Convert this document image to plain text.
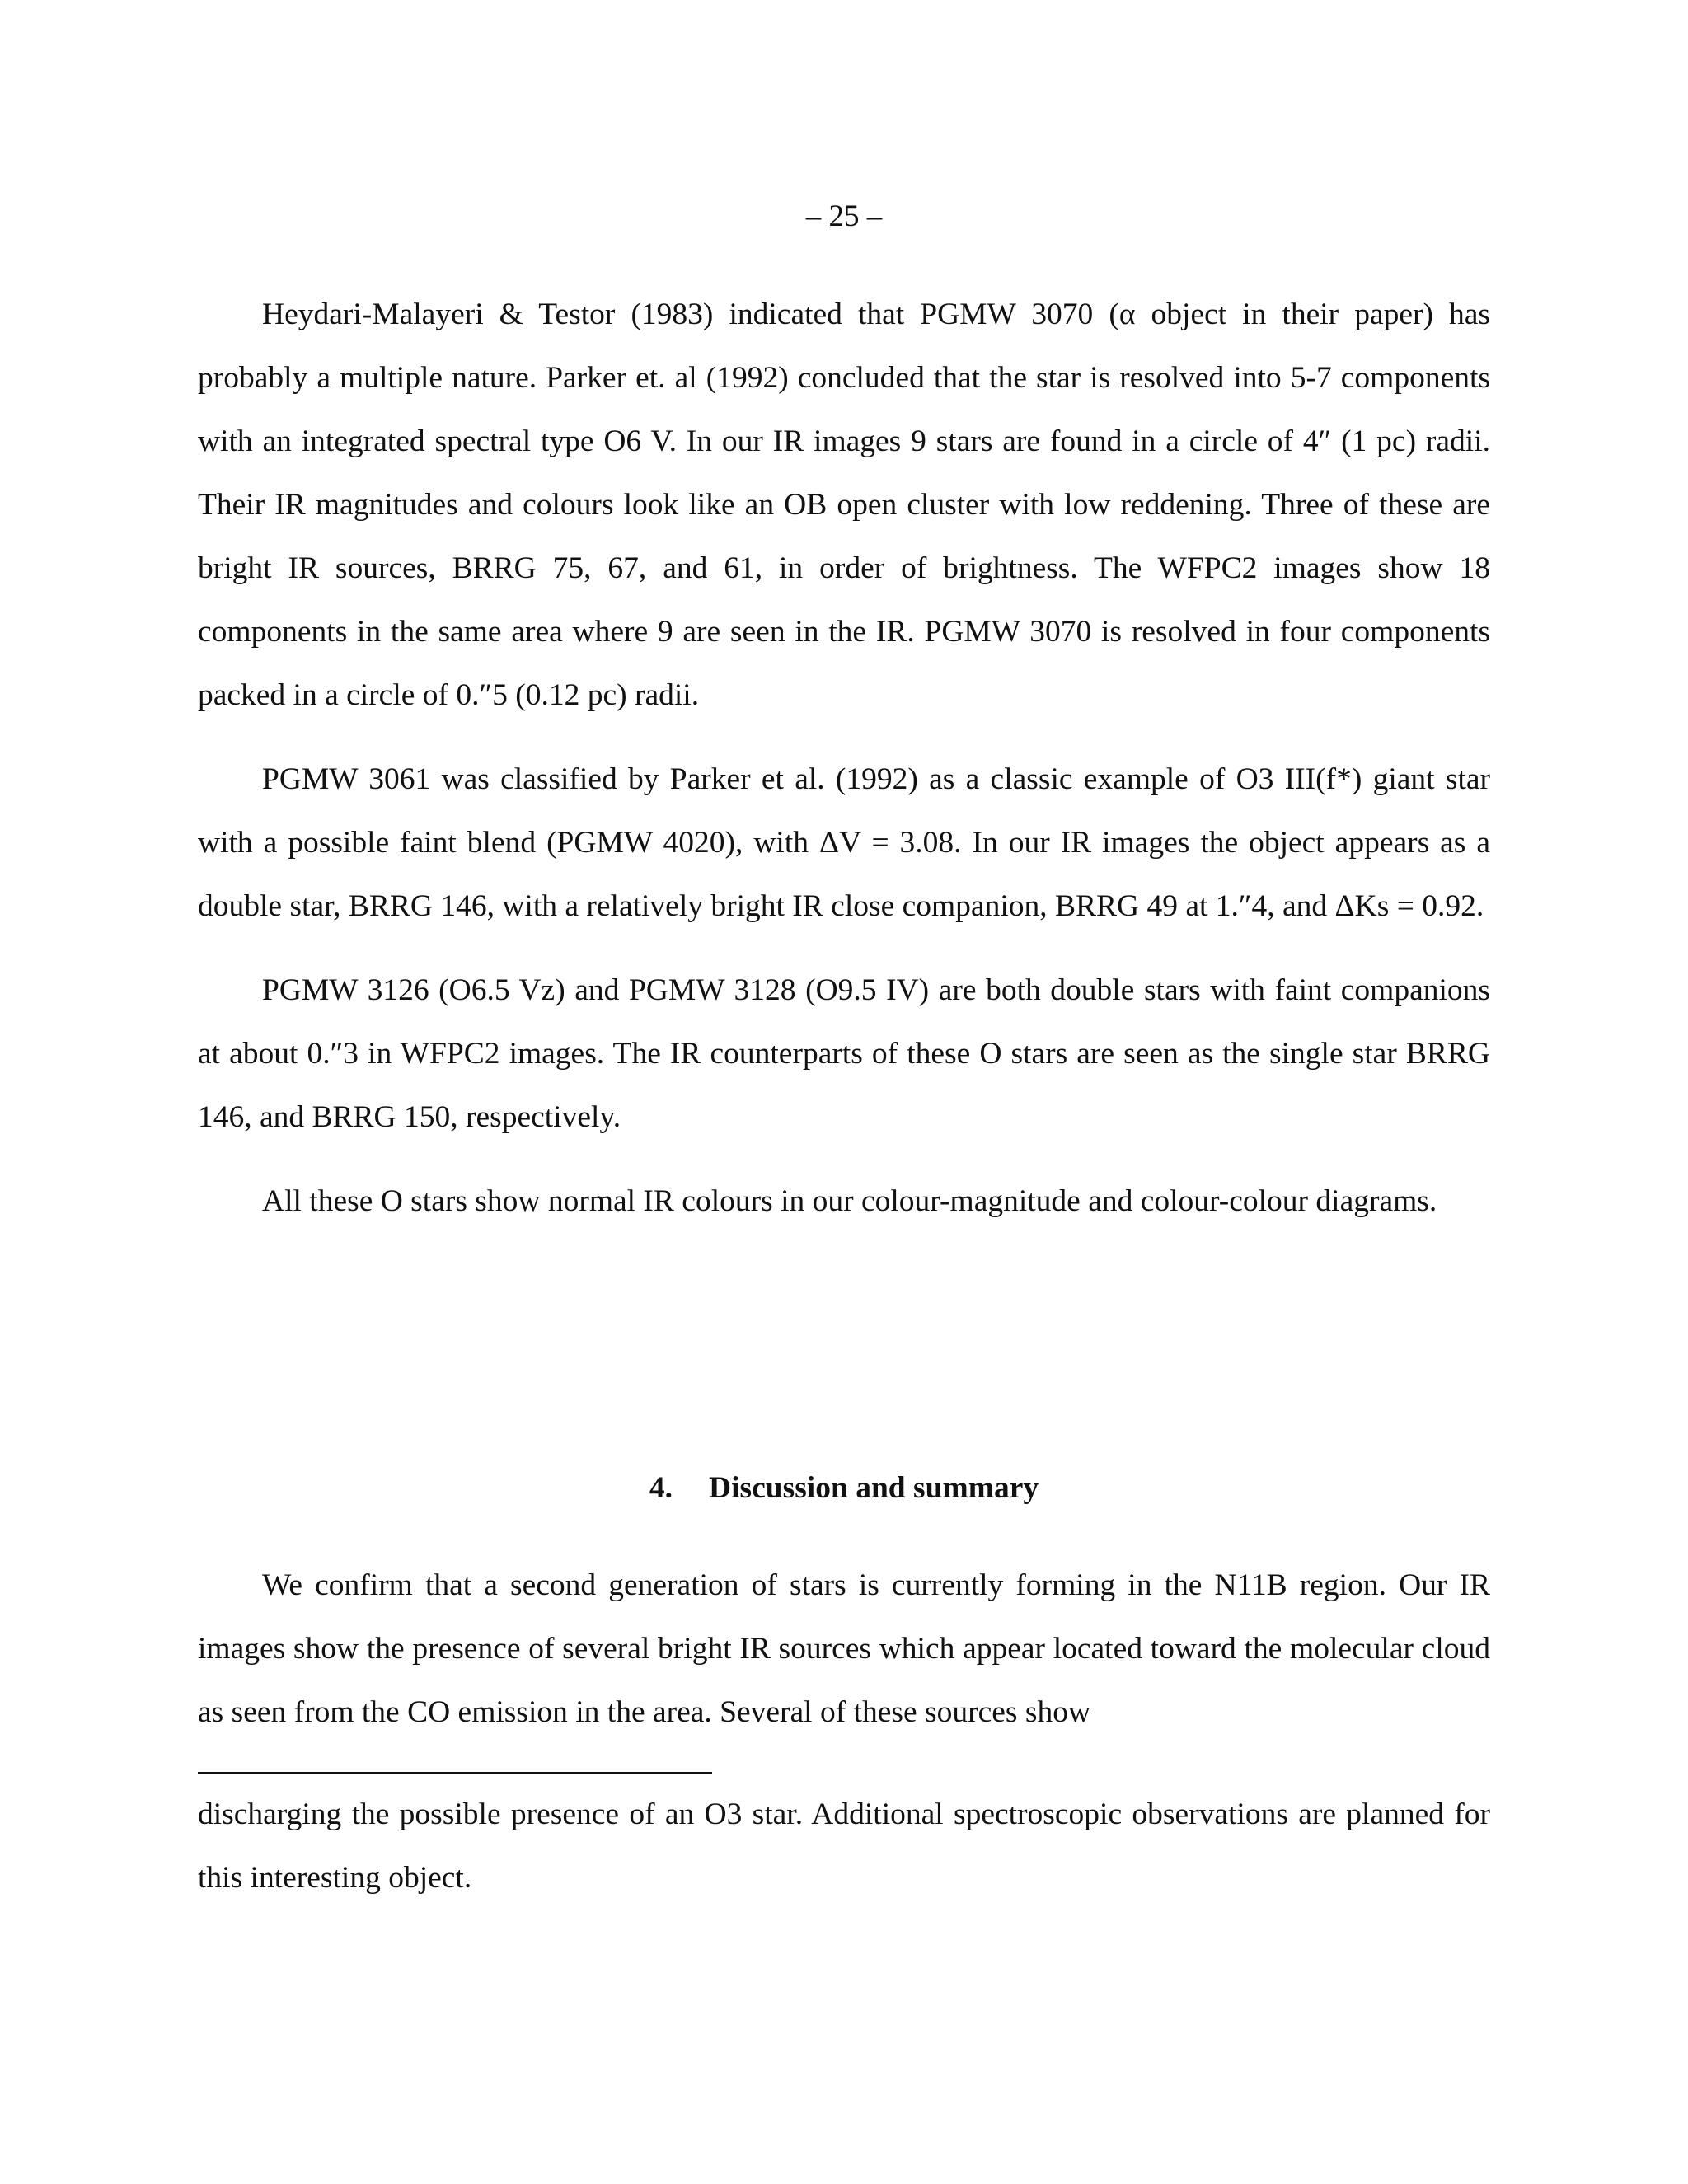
– 25 –

Heydari-Malayeri & Testor (1983) indicated that PGMW 3070 (α object in their paper) has probably a multiple nature. Parker et. al (1992) concluded that the star is resolved into 5-7 components with an integrated spectral type O6 V. In our IR images 9 stars are found in a circle of 4″ (1 pc) radii. Their IR magnitudes and colours look like an OB open cluster with low reddening. Three of these are bright IR sources, BRRG 75, 67, and 61, in order of brightness. The WFPC2 images show 18 components in the same area where 9 are seen in the IR. PGMW 3070 is resolved in four components packed in a circle of 0.″5 (0.12 pc) radii.

PGMW 3061 was classified by Parker et al. (1992) as a classic example of O3 III(f*) giant star with a possible faint blend (PGMW 4020), with ΔV = 3.08. In our IR images the object appears as a double star, BRRG 146, with a relatively bright IR close companion, BRRG 49 at 1.″4, and ΔKs = 0.92.

PGMW 3126 (O6.5 Vz) and PGMW 3128 (O9.5 IV) are both double stars with faint companions at about 0.″3 in WFPC2 images. The IR counterparts of these O stars are seen as the single star BRRG 146, and BRRG 150, respectively.

All these O stars show normal IR colours in our colour-magnitude and colour-colour diagrams.

4. Discussion and summary

We confirm that a second generation of stars is currently forming in the N11B region. Our IR images show the presence of several bright IR sources which appear located toward the molecular cloud as seen from the CO emission in the area. Several of these sources show

discharging the possible presence of an O3 star. Additional spectroscopic observations are planned for this interesting object.
